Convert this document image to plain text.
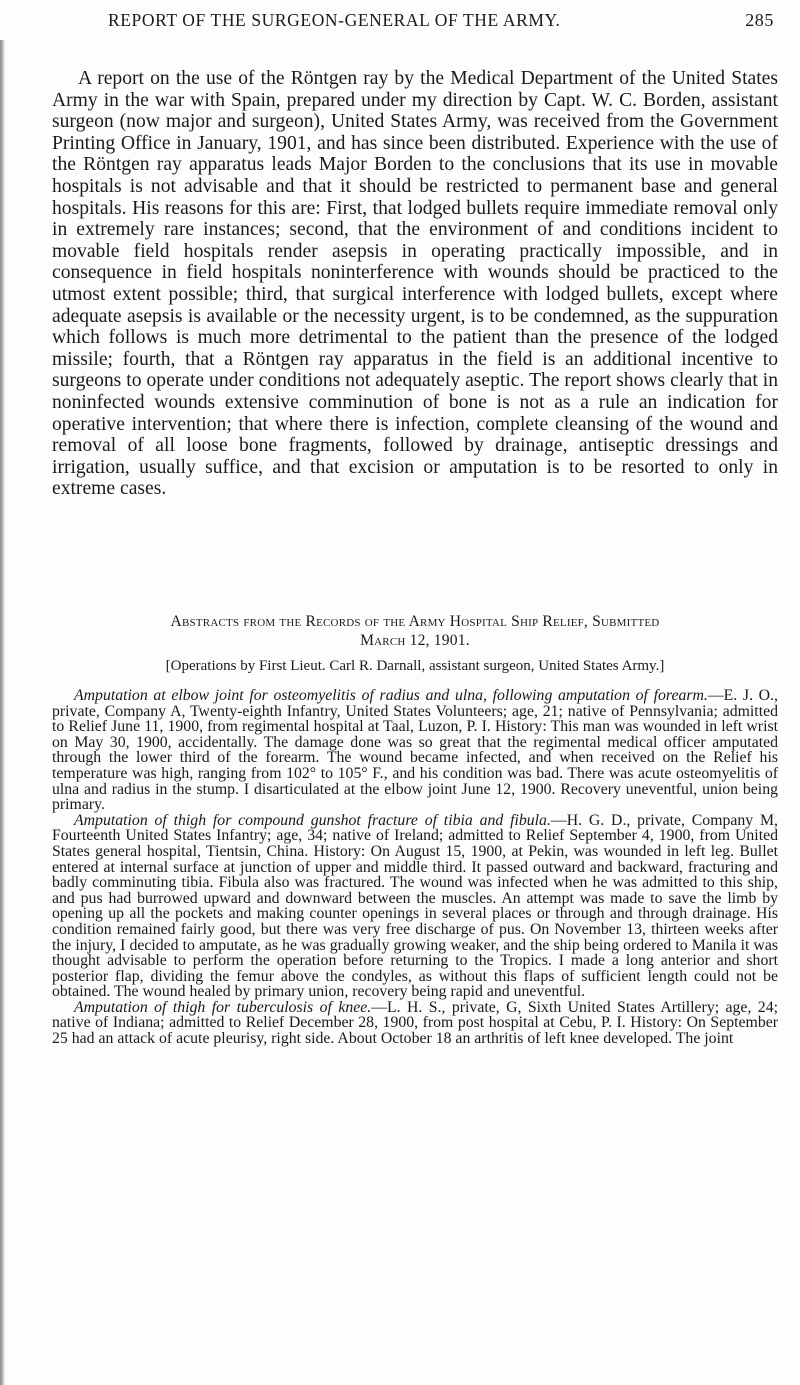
REPORT OF THE SURGEON-GENERAL OF THE ARMY.	285

A report on the use of the Röntgen ray by the Medical Department of the United States Army in the war with Spain, prepared under my direction by Capt. W. C. Borden, assistant surgeon (now major and surgeon), United States Army, was received from the Government Printing Office in January, 1901, and has since been distributed. Experience with the use of the Röntgen ray apparatus leads Major Borden to the conclusions that its use in movable hospitals is not advisable and that it should be restricted to permanent base and general hospitals. His reasons for this are: First, that lodged bullets require immediate removal only in extremely rare instances; second, that the environment of and conditions incident to movable field hospitals render asepsis in operating practically impossible, and in consequence in field hospitals noninterference with wounds should be practiced to the utmost extent possible; third, that surgical interference with lodged bullets, except where adequate asepsis is available or the necessity urgent, is to be condemned, as the suppuration which follows is much more detrimental to the patient than the presence of the lodged missile; fourth, that a Röntgen ray apparatus in the field is an additional incentive to surgeons to operate under conditions not adequately aseptic. The report shows clearly that in noninfected wounds extensive comminution of bone is not as a rule an indication for operative intervention; that where there is infection, complete cleansing of the wound and removal of all loose bone fragments, followed by drainage, antiseptic dressings and irrigation, usually suffice, and that excision or amputation is to be resorted to only in extreme cases.

Abstracts from the Records of the Army Hospital Ship Relief, Submitted
March 12, 1901.
[Operations by First Lieut. Carl R. Darnall, assistant surgeon, United States Army.]

Amputation at elbow joint for osteomyelitis of radius and ulna, following amputation of forearm.—E. J. O., private, Company A, Twenty-eighth Infantry, United States Volunteers; age, 21; native of Pennsylvania; admitted to Relief June 11, 1900, from regimental hospital at Taal, Luzon, P. I. History: This man was wounded in left wrist on May 30, 1900, accidentally. The damage done was so great that the regimental medical officer amputated through the lower third of the forearm. The wound became infected, and when received on the Relief his temperature was high, ranging from 102° to 105° F., and his condition was bad. There was acute osteomyelitis of ulna and radius in the stump. I disarticulated at the elbow joint June 12, 1900. Recovery uneventful, union being primary.

Amputation of thigh for compound gunshot fracture of tibia and fibula.—H. G. D., private, Company M, Fourteenth United States Infantry; age, 34; native of Ireland; admitted to Relief September 4, 1900, from United States general hospital, Tientsin, China. History: On August 15, 1900, at Pekin, was wounded in left leg. Bullet entered at internal surface at junction of upper and middle third. It passed outward and backward, fracturing and badly comminuting tibia. Fibula also was fractured. The wound was infected when he was admitted to this ship, and pus had burrowed upward and downward between the muscles. An attempt was made to save the limb by opening up all the pockets and making counter openings in several places or through and through drainage. His condition remained fairly good, but there was very free discharge of pus. On November 13, thirteen weeks after the injury, I decided to amputate, as he was gradually growing weaker, and the ship being ordered to Manila it was thought advisable to perform the operation before returning to the Tropics. I made a long anterior and short posterior flap, dividing the femur above the condyles, as without this flaps of sufficient length could not be obtained. The wound healed by primary union, recovery being rapid and uneventful.

Amputation of thigh for tuberculosis of knee.—L. H. S., private, G, Sixth United States Artillery; age, 24; native of Indiana; admitted to Relief December 28, 1900, from post hospital at Cebu, P. I. History: On September 25 had an attack of acute pleurisy, right side. About October 18 an arthritis of left knee developed. The joint
